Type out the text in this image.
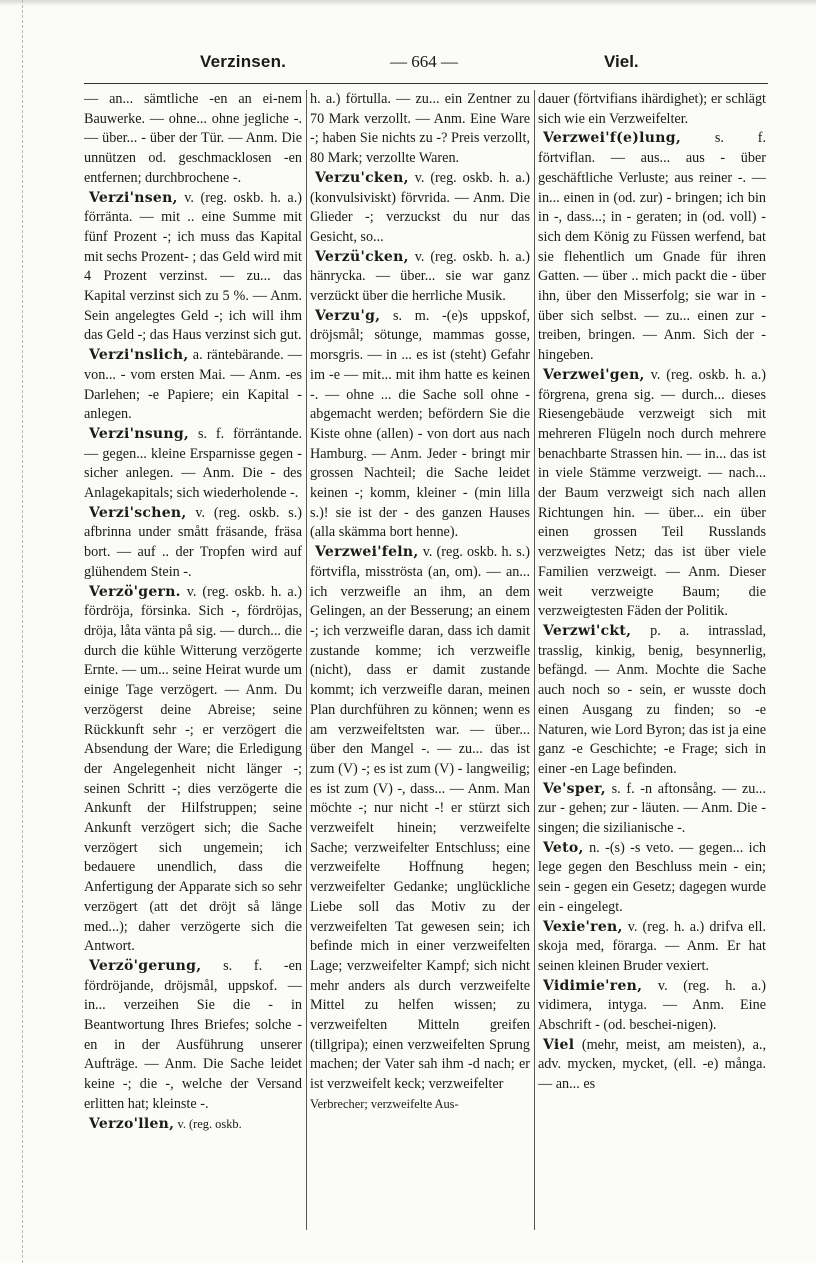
Verzinsen.	— 664 —	Viel.

— an... sämtliche -en an ei-nem Bauwerke. — ohne... ohne jegliche -. — über... - über der Tür. — Anm. Die unnützen od. geschmacklosen -en entfernen; durchbrochene -.

Verzi'nsen, v. (reg. oskb. h. a.) förränta. — mit .. eine Summe mit fünf Prozent -; ich muss das Kapital mit sechs Prozent- ; das Geld wird mit 4 Prozent verzinst. — zu... das Kapital verzinst sich zu 5 %. — Anm. Sein angelegtes Geld -; ich will ihm das Geld -; das Haus verzinst sich gut.

Verzi'nslich, a. räntebärande. — von... - vom ersten Mai. — Anm. -es Darlehen; -e Papiere; ein Kapital - anlegen.

Verzi'nsung, s. f. förräntande. — gegen... kleine Ersparnisse gegen - sicher anlegen. — Anm. Die - des Anlagekapitals; sich wiederholende -.

Verzi'schen, v. (reg. oskb. s.) afbrinna under smått fräsande, fräsa bort. — auf .. der Tropfen wird auf glühendem Stein -.

Verzö'gern. v. (reg. oskb. h. a.) fördröja, försinka. Sich -, fördröjas, dröja, låta vänta på sig. — durch... die durch die kühle Witterung verzögerte Ernte. — um... seine Heirat wurde um einige Tage verzögert. — Anm. Du verzögerst deine Abreise; seine Rückkunft sehr -; er verzögert die Absendung der Ware; die Erledigung der Angelegenheit nicht länger -; seinen Schritt -; dies verzögerte die Ankunft der Hilfstruppen; seine Ankunft verzögert sich; die Sache verzögert sich ungemein; ich bedauere unendlich, dass die Anfertigung der Apparate sich so sehr verzögert (att det dröjt så länge med...); daher verzögerte sich die Antwort.

Verzö'gerung, s. f. -en fördröjande, dröjsmål, uppskof. — in... verzeihen Sie die - in Beantwortung Ihres Briefes; solche -en in der Ausführung unserer Aufträge. — Anm. Die Sache leidet keine -; die -, welche der Versand erlitten hat; kleinste -.

Verzo'llen, v. (reg. oskb.

h. a.) förtulla. — zu... ein Zentner zu 70 Mark verzollt. — Anm. Eine Ware -; haben Sie nichts zu -? Preis verzollt, 80 Mark; verzollte Waren.

Verzu'cken, v. (reg. oskb. h. a.) (konvulsiviskt) förvrida. — Anm. Die Glieder -; verzuckst du nur das Gesicht, so...

Verzü'cken, v. (reg. oskb. h. a.) hänrycka. — über... sie war ganz verzückt über die herrliche Musik.

Verzu'g, s. m. -(e)s uppskof, dröjsmål; sötunge, mammas gosse, morsgris. — in ... es ist (steht) Gefahr im -e — mit... mit ihm hatte es keinen -. — ohne ... die Sache soll ohne - abgemacht werden; befördern Sie die Kiste ohne (allen) - von dort aus nach Hamburg. — Anm. Jeder - bringt mir grossen Nachteil; die Sache leidet keinen -; komm, kleiner - (min lilla s.)! sie ist der - des ganzen Hauses (alla skämma bort henne).

Verzwei'feln, v. (reg. oskb. h. s.) förtvifla, misströsta (an, om). — an... ich verzweifle an ihm, an dem Gelingen, an der Besserung; an einem -; ich verzweifle daran, dass ich damit zustande komme; ich verzweifle (nicht), dass er damit zustande kommt; ich verzweifle daran, meinen Plan durchführen zu können; wenn es am verzweifeltsten war. — über... über den Mangel -. — zu... das ist zum (V) -; es ist zum (V) - langweilig; es ist zum (V) -, dass... — Anm. Man möchte -; nur nicht -! er stürzt sich verzweifelt hinein; verzweifelte Sache; verzweifelter Entschluss; eine verzweifelte Hoffnung hegen; verzweifelter Gedanke; unglückliche Liebe soll das Motiv zu der verzweifelten Tat gewesen sein; ich befinde mich in einer verzweifelten Lage; verzweifelter Kampf; sich nicht mehr anders als durch verzweifelte Mittel zu helfen wissen; zu verzweifelten Mitteln greifen (tillgripa); einen verzweifelten Sprung machen; der Vater sah ihm -d nach; er ist verzweifelt keck; verzweifelter

Verbrecher; verzweifelte Aus-

dauer (förtvifians ihärdighet); er schlägt sich wie ein Verzweifelter.

Verzwei'f(e)lung, s. f. förtviflan. — aus... aus - über geschäftliche Verluste; aus reiner -. — in... einen in (od. zur) - bringen; ich bin in -, dass...; in - geraten; in (od. voll) - sich dem König zu Füssen werfend, bat sie flehentlich um Gnade für ihren Gatten. — über .. mich packt die - über ihn, über den Misserfolg; sie war in - über sich selbst. — zu... einen zur - treiben, bringen. — Anm. Sich der - hingeben.

Verzwei'gen, v. (reg. oskb. h. a.) förgrena, grena sig. — durch... dieses Riesengebäude verzweigt sich mit mehreren Flügeln noch durch mehrere benachbarte Strassen hin. — in... das ist in viele Stämme verzweigt. — nach... der Baum verzweigt sich nach allen Richtungen hin. — über... ein über einen grossen Teil Russlands verzweigtes Netz; das ist über viele Familien verzweigt. — Anm. Dieser weit verzweigte Baum; die verzweigtesten Fäden der Politik.

Verzwi'ckt, p. a. intrasslad, trasslig, kinkig, benig, besynnerlig, befängd. — Anm. Mochte die Sache auch noch so - sein, er wusste doch einen Ausgang zu finden; so -e Naturen, wie Lord Byron; das ist ja eine ganz -e Geschichte; -e Frage; sich in einer -en Lage befinden.

Ve'sper, s. f. -n aftonsång. — zu... zur - gehen; zur - läuten. — Anm. Die - singen; die sizilianische -.

Veto, n. -(s) -s veto. — gegen... ich lege gegen den Beschluss mein - ein; sein - gegen ein Gesetz; dagegen wurde ein - eingelegt.

Vexie'ren, v. (reg. h. a.) drifva ell. skoja med, förarga. — Anm. Er hat seinen kleinen Bruder vexiert.

Vidimie'ren, v. (reg. h. a.) vidimera, intyga. — Anm. Eine Abschrift - (od. beschei-nigen).

Viel (mehr, meist, am meisten), a., adv. mycken, mycket, (ell. -e) många. — an... es
